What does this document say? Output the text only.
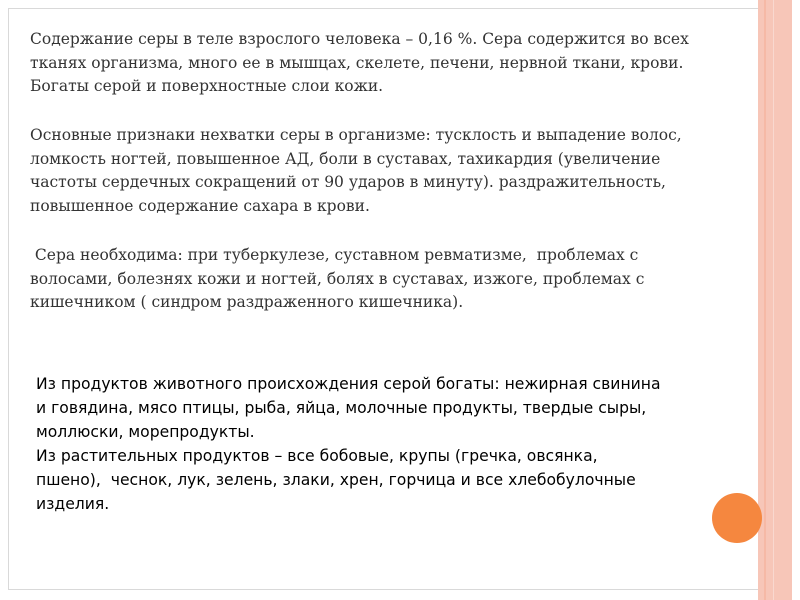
Содержание серы в теле взрослого человека – 0,16 %. Сера содержится во всех
тканях организма, много ее в мышцах, скелете, печени, нервной ткани, крови.
Богаты серой и поверхностные слои кожи.

Основные признаки нехватки серы в организме: тусклость и выпадение волос,
ломкость ногтей, повышенное АД, боли в суставах, тахикардия (увеличение
частоты сердечных сокращений от 90 ударов в минуту). раздражительность,
повышенное содержание сахара в крови.

Сера необходима: при туберкулезе, суставном ревматизме,  проблемах с
волосами, болезнях кожи и ногтей, болях в суставах, изжоге, проблемах с
кишечником ( синдром раздраженного кишечника).

Из продуктов животного происхождения серой богаты: нежирная свинина
и говядина, мясо птицы, рыба, яйца, молочные продукты, твердые сыры,
моллюски, морепродукты.
Из растительных продуктов – все бобовые, крупы (гречка, овсянка,
пшено),  чеснок, лук, зелень, злаки, хрен, горчица и все хлебобулочные
изделия.
